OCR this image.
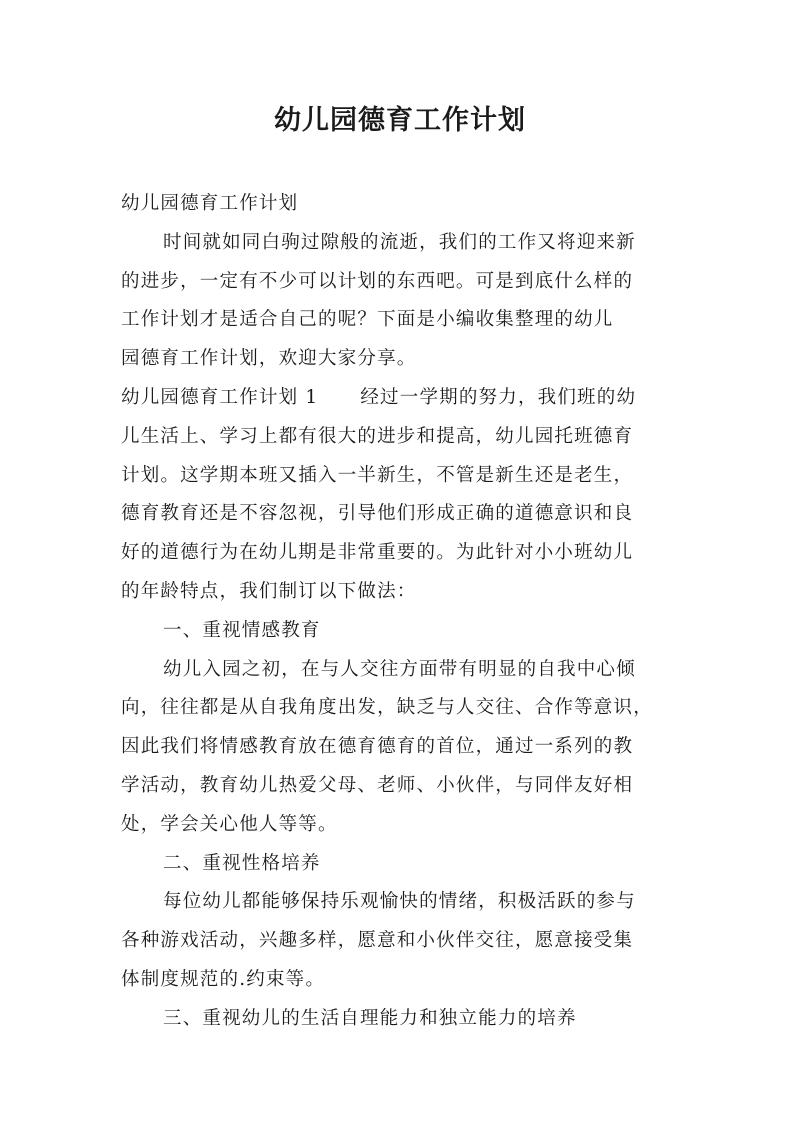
幼儿园德育工作计划

幼儿园德育工作计划

时间就如同白驹过隙般的流逝，我们的工作又将迎来新

的进步，一定有不少可以计划的东西吧。可是到底什么样的

工作计划才是适合自己的呢？下面是小编收集整理的幼儿

园德育工作计划，欢迎大家分享。

幼儿园德育工作计划 1 经过一学期的努力，我们班的幼

儿生活上、学习上都有很大的进步和提高，幼儿园托班德育

计划。这学期本班又插入一半新生，不管是新生还是老生，

德育教育还是不容忽视，引导他们形成正确的道德意识和良

好的道德行为在幼儿期是非常重要的。为此针对小小班幼儿

的年龄特点，我们制订以下做法：

一、重视情感教育

幼儿入园之初，在与人交往方面带有明显的自我中心倾

向，往往都是从自我角度出发，缺乏与人交往、合作等意识，

因此我们将情感教育放在德育德育的首位，通过一系列的教

学活动，教育幼儿热爱父母、老师、小伙伴，与同伴友好相

处，学会关心他人等等。

二、重视性格培养

每位幼儿都能够保持乐观愉快的情绪，积极活跃的参与

各种游戏活动，兴趣多样，愿意和小伙伴交往，愿意接受集

体制度规范的.约束等。

三、重视幼儿的生活自理能力和独立能力的培养
